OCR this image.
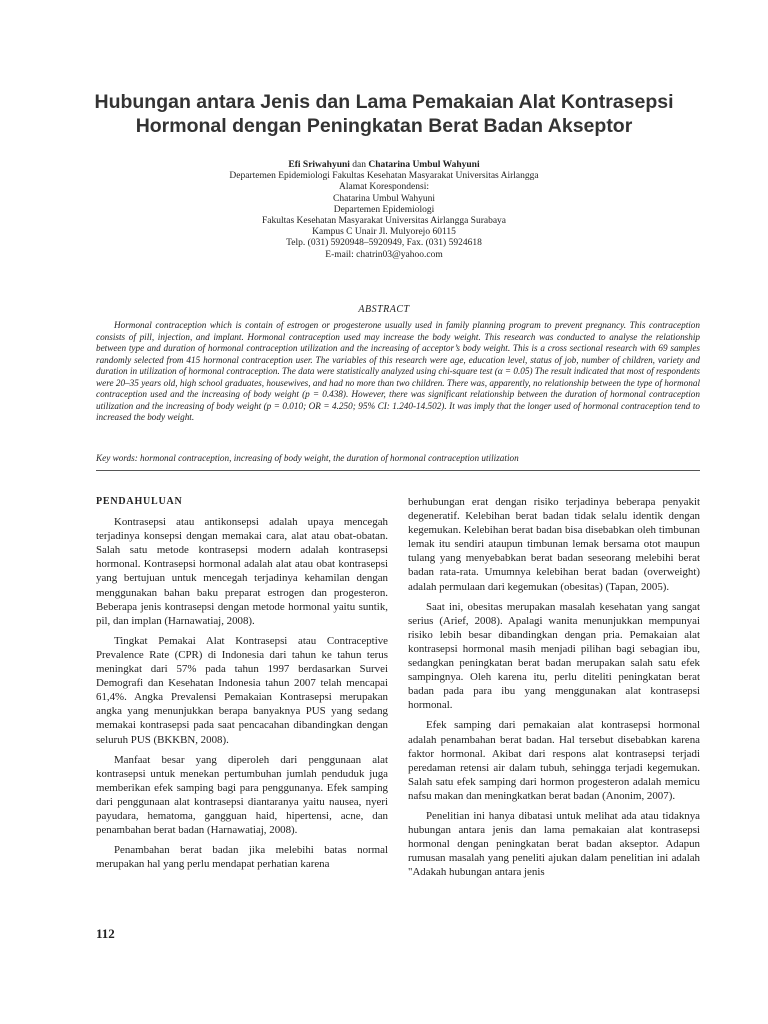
Hubungan antara Jenis dan Lama Pemakaian Alat Kontrasepsi Hormonal dengan Peningkatan Berat Badan Akseptor
Efi Sriwahyuni dan Chatarina Umbul Wahyuni
Departemen Epidemiologi Fakultas Kesehatan Masyarakat Universitas Airlangga
Alamat Korespondensi:
Chatarina Umbul Wahyuni
Departemen Epidemiologi
Fakultas Kesehatan Masyarakat Universitas Airlangga Surabaya
Kampus C Unair Jl. Mulyorejo 60115
Telp. (031) 5920948–5920949, Fax. (031) 5924618
E-mail: chatrin03@yahoo.com
ABSTRACT
Hormonal contraception which is contain of estrogen or progesterone usually used in family planning program to prevent pregnancy. This contraception consists of pill, injection, and implant. Hormonal contraception used may increase the body weight. This research was conducted to analyse the relationship between type and duration of hormonal contraception utilization and the increasing of acceptor’s body weight. This is a cross sectional research with 69 samples randomly selected from 415 hormonal contraception user. The variables of this research were age, education level, status of job, number of children, variety and duration in utilization of hormonal contraception. The data were statistically analyzed using chi-square test (α = 0.05) The result indicated that most of respondents were 20–35 years old, high school graduates, housewives, and had no more than two children. There was, apparently, no relationship between the type of hormonal contraception used and the increasing of body weight (p = 0.438). However, there was significant relationship between the duration of hormonal contraception utilization and the increasing of body weight (p = 0.010; OR = 4.250; 95% CI: 1.240-14.502). It was imply that the longer used of hormonal contraception tend to increased the body weight.
Key words: hormonal contraception, increasing of body weight, the duration of hormonal contraception utilization

PENDAHULUAN

Kontrasepsi atau antikonsepsi adalah upaya mencegah terjadinya konsepsi dengan memakai cara, alat atau obat-obatan. Salah satu metode kontrasepsi modern adalah kontrasepsi hormonal. Kontrasepsi hormonal adalah alat atau obat kontrasepsi yang bertujuan untuk mencegah terjadinya kehamilan dengan menggunakan bahan baku preparat estrogen dan progesteron. Beberapa jenis kontrasepsi dengan metode hormonal yaitu suntik, pil, dan implan (Harnawatiaj, 2008).

Tingkat Pemakai Alat Kontrasepsi atau Contraceptive Prevalence Rate (CPR) di Indonesia dari tahun ke tahun terus meningkat dari 57% pada tahun 1997 berdasarkan Survei Demografi dan Kesehatan Indonesia tahun 2007 telah mencapai 61,4%. Angka Prevalensi Pemakaian Kontrasepsi merupakan angka yang menunjukkan berapa banyaknya PUS yang sedang memakai kontrasepsi pada saat pencacahan dibandingkan dengan seluruh PUS (BKKBN, 2008).

Manfaat besar yang diperoleh dari penggunaan alat kontrasepsi untuk menekan pertumbuhan jumlah penduduk juga memberikan efek samping bagi para penggunanya. Efek samping dari penggunaan alat kontrasepsi diantaranya yaitu nausea, nyeri payudara, hematoma, gangguan haid, hipertensi, acne, dan penambahan berat badan (Harnawatiaj, 2008).

Penambahan berat badan jika melebihi batas normal merupakan hal yang perlu mendapat perhatian karena

berhubungan erat dengan risiko terjadinya beberapa penyakit degeneratif. Kelebihan berat badan tidak selalu identik dengan kegemukan. Kelebihan berat badan bisa disebabkan oleh timbunan lemak itu sendiri ataupun timbunan lemak bersama otot maupun tulang yang menyebabkan berat badan seseorang melebihi berat badan rata-rata. Umumnya kelebihan berat badan (overweight) adalah permulaan dari kegemukan (obesitas) (Tapan, 2005).

Saat ini, obesitas merupakan masalah kesehatan yang sangat serius (Arief, 2008). Apalagi wanita menunjukkan mempunyai risiko lebih besar dibandingkan dengan pria. Pemakaian alat kontrasepsi hormonal masih menjadi pilihan bagi sebagian ibu, sedangkan peningkatan berat badan merupakan salah satu efek sampingnya. Oleh karena itu, perlu diteliti peningkatan berat badan pada para ibu yang menggunakan alat kontrasepsi hormonal.

Efek samping dari pemakaian alat kontrasepsi hormonal adalah penambahan berat badan. Hal tersebut disebabkan karena faktor hormonal. Akibat dari respons alat kontrasepsi terjadi peredaman retensi air dalam tubuh, sehingga terjadi kegemukan. Salah satu efek samping dari hormon progesteron adalah memicu nafsu makan dan meningkatkan berat badan (Anonim, 2007).

Penelitian ini hanya dibatasi untuk melihat ada atau tidaknya hubungan antara jenis dan lama pemakaian alat kontrasepsi hormonal dengan peningkatan berat badan akseptor. Adapun rumusan masalah yang peneliti ajukan dalam penelitian ini adalah "Adakah hubungan antara jenis

112
